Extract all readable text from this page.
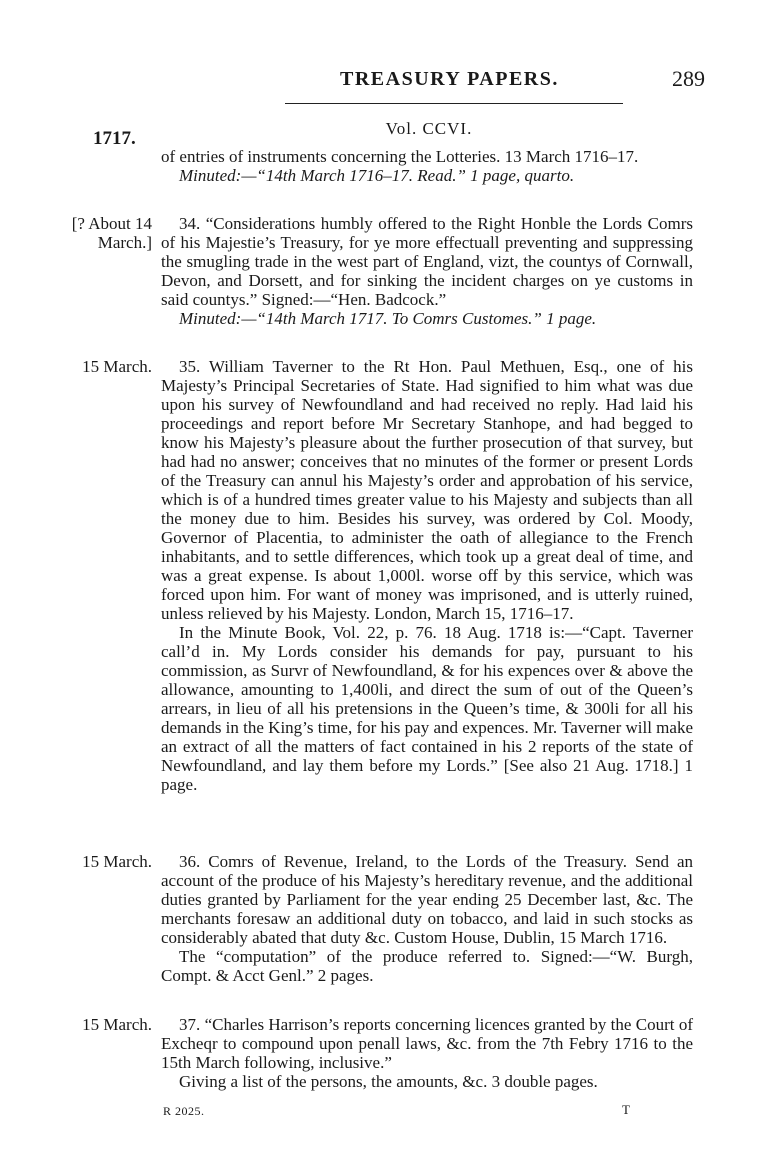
TREASURY PAPERS.	289
1717.	Vol. CCVI.

of entries of instruments concerning the Lotteries. 13 March 1716–17.

Minuted:—“14th March 1716–17. Read.” 1 page, quarto.

[? About 14 March.]

34. “Considerations humbly offered to the Right Honble the Lords Comrs of his Majestie’s Treasury, for ye more effectuall preventing and suppressing the smugling trade in the west part of England, vizt, the countys of Cornwall, Devon, and Dorsett, and for sinking the incident charges on ye customs in said countys.” Signed:—“Hen. Badcock.”

Minuted:—“14th March 1717. To Comrs Customes.” 1 page.

15 March.	35. William Taverner to the Rt Hon. Paul Methuen, Esq., one of his Majesty’s Principal Secretaries of State. Had signified to him what was due upon his survey of Newfoundland and had received no reply. Had laid his proceedings and report before Mr Secretary Stanhope, and had begged to know his Majesty’s pleasure about the further prosecution of that survey, but had had no answer; conceives that no minutes of the former or present Lords of the Treasury can annul his Majesty’s order and approbation of his service, which is of a hundred times greater value to his Majesty and subjects than all the money due to him. Besides his survey, was ordered by Col. Moody, Governor of Placentia, to administer the oath of allegiance to the French inhabitants, and to settle differences, which took up a great deal of time, and was a great expense. Is about 1,000l. worse off by this service, which was forced upon him. For want of money was imprisoned, and is utterly ruined, unless relieved by his Majesty. London, March 15, 1716–17.

In the Minute Book, Vol. 22, p. 76. 18 Aug. 1718 is:—“Capt. Taverner call’d in. My Lords consider his demands for pay, pursuant to his commission, as Survr of Newfoundland, & for his expences over & above the allowance, amounting to 1,400li, and direct the sum of out of the Queen’s arrears, in lieu of all his pretensions in the Queen’s time, & 300li for all his demands in the King’s time, for his pay and expences. Mr. Taverner will make an extract of all the matters of fact contained in his 2 reports of the state of Newfoundland, and lay them before my Lords.” [See also 21 Aug. 1718.] 1 page.

15 March.	36. Comrs of Revenue, Ireland, to the Lords of the Treasury. Send an account of the produce of his Majesty’s hereditary revenue, and the additional duties granted by Parliament for the year ending 25 December last, &c. The merchants foresaw an additional duty on tobacco, and laid in such stocks as considerably abated that duty &c. Custom House, Dublin, 15 March 1716.

The “computation” of the produce referred to. Signed:—“W. Burgh, Compt. & Acct Genl.” 2 pages.

15 March.	37. “Charles Harrison’s reports concerning licences granted by the Court of Excheqr to compound upon penall laws, &c. from the 7th Febry 1716 to the 15th March following, inclusive.”

Giving a list of the persons, the amounts, &c. 3 double pages.

R 2025.	T
